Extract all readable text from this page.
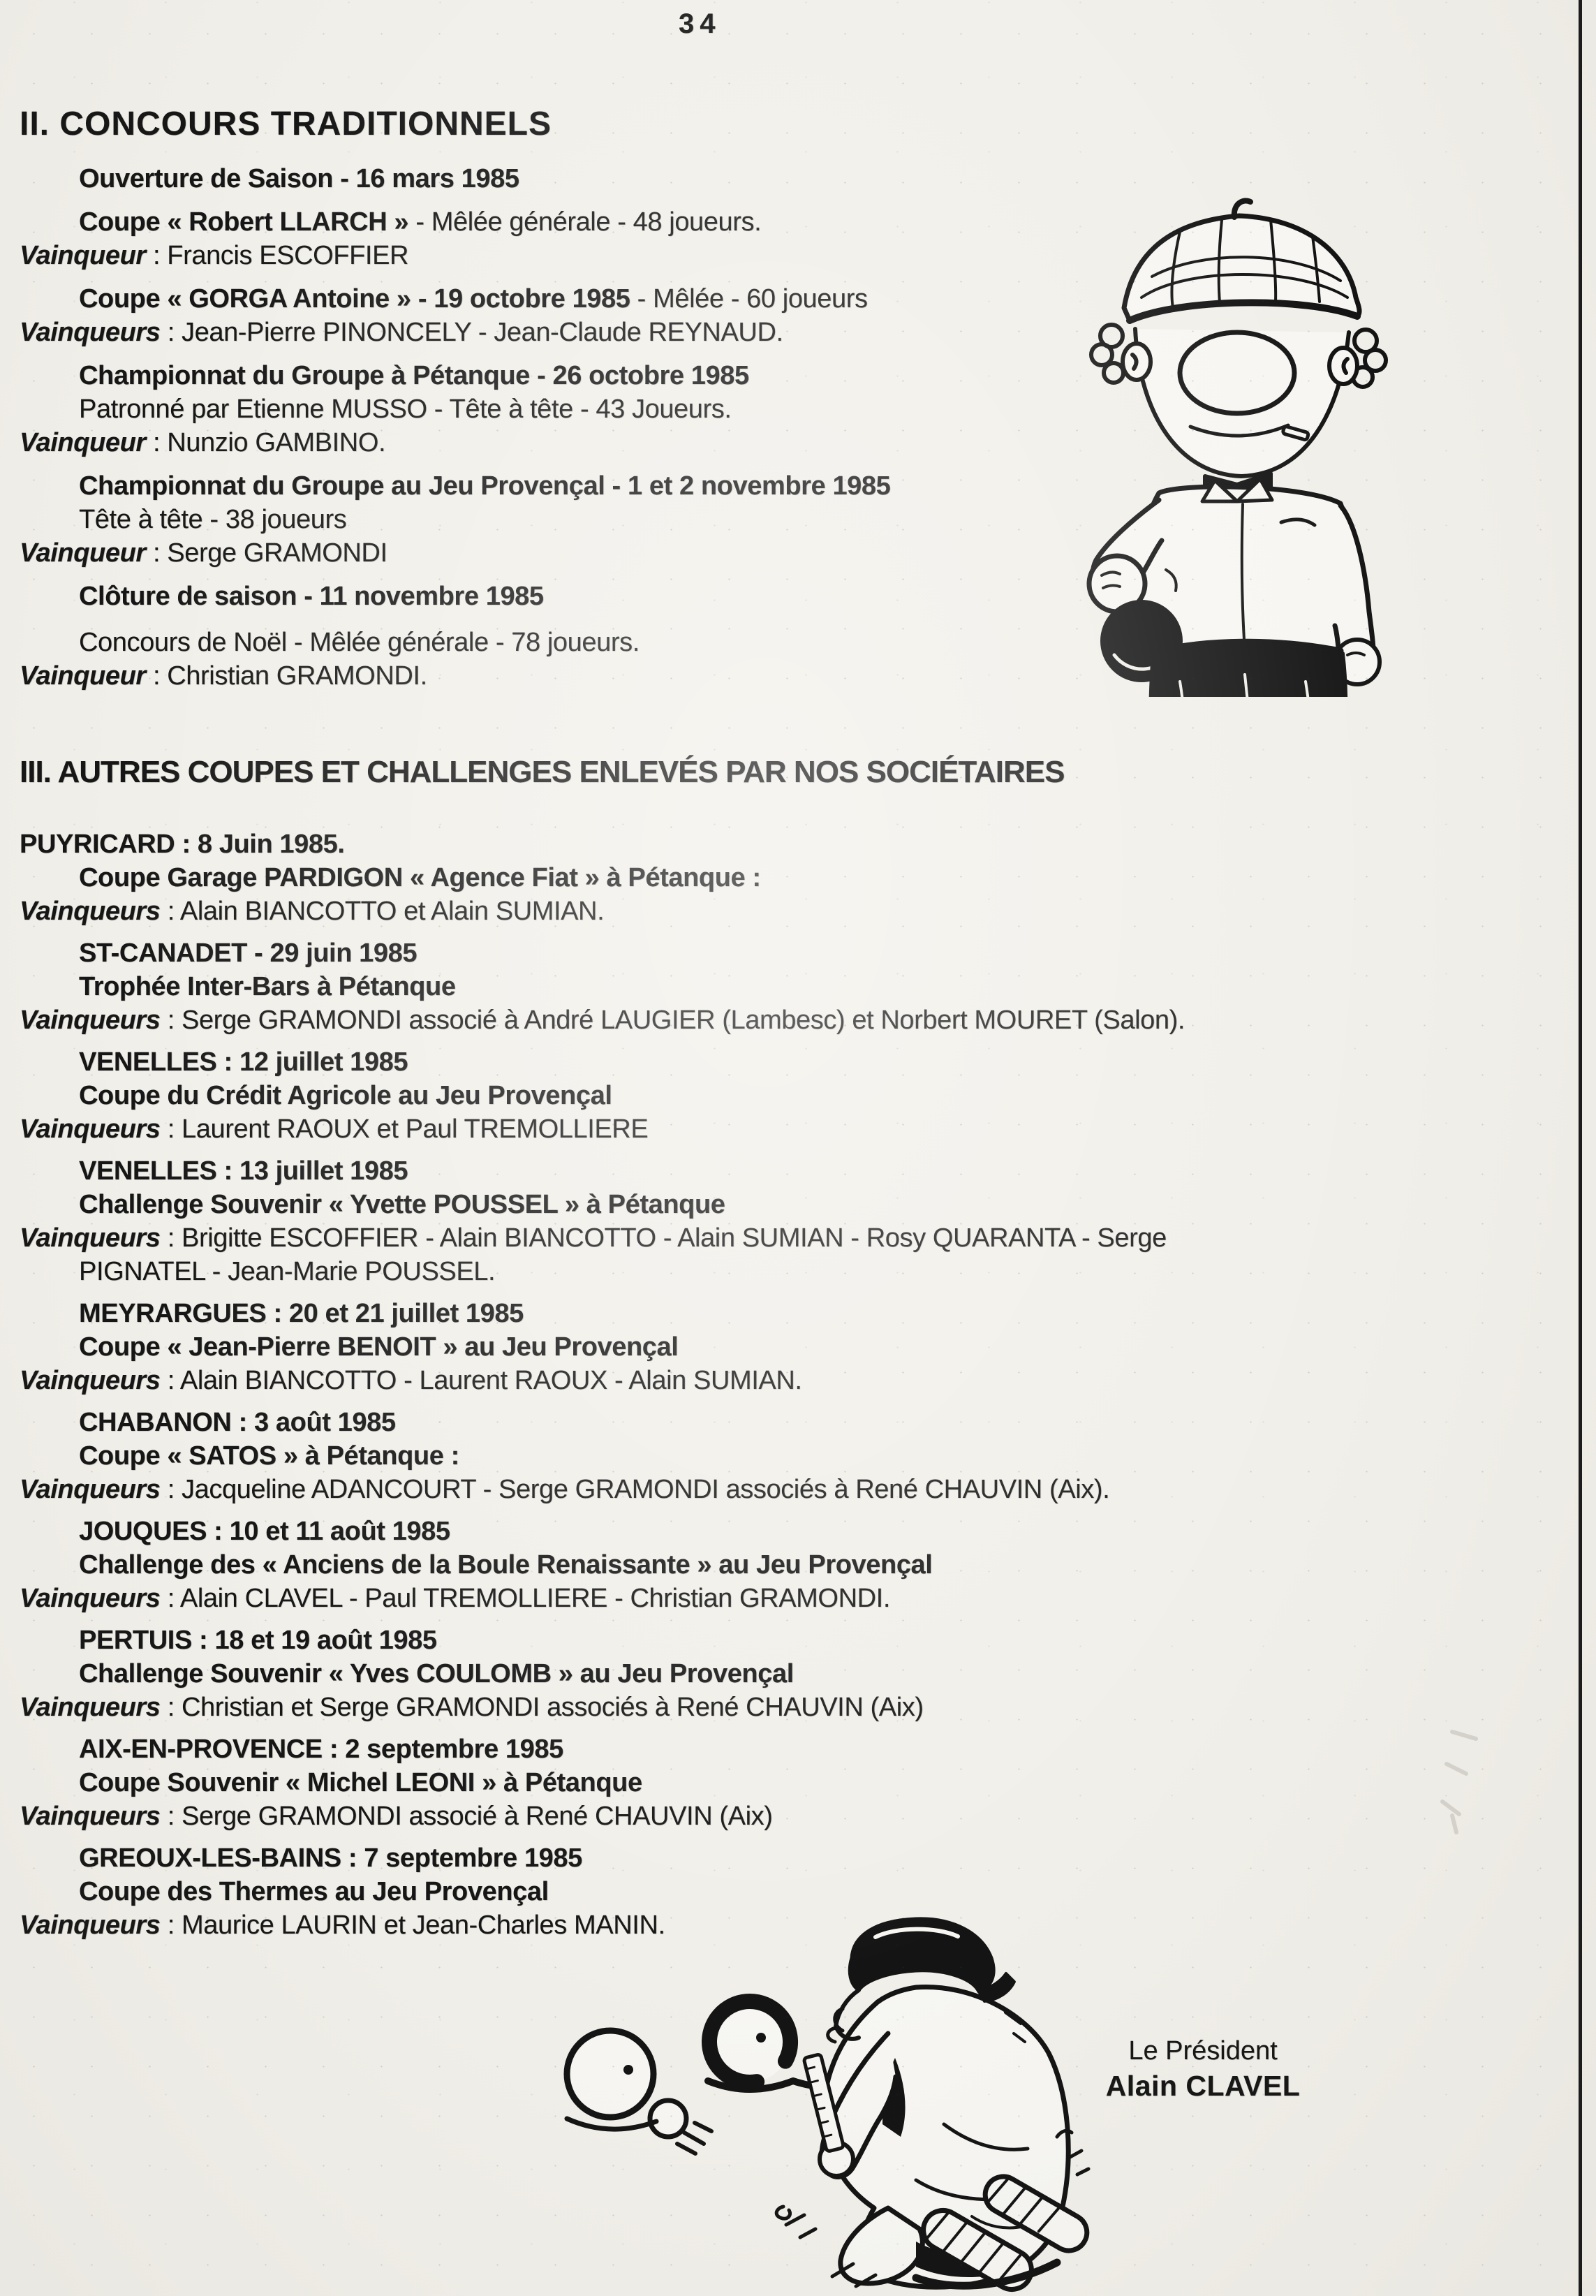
34
II. CONCOURS TRADITIONNELS
Ouverture de Saison - 16 mars 1985
Coupe « Robert LLARCH » - Mêlée générale - 48 joueurs.
Vainqueur : Francis ESCOFFIER
Coupe « GORGA Antoine » - 19 octobre 1985 - Mêlée - 60 joueurs
Vainqueurs : Jean-Pierre PINONCELY - Jean-Claude REYNAUD.
Championnat du Groupe à Pétanque - 26 octobre 1985
Patronné par Etienne MUSSO - Tête à tête - 43 Joueurs.
Vainqueur : Nunzio GAMBINO.
Championnat du Groupe au Jeu Provençal - 1 et 2 novembre 1985
Tête à tête - 38 joueurs
Vainqueur : Serge GRAMONDI
Clôture de saison - 11 novembre 1985
Concours de Noël - Mêlée générale - 78 joueurs.
Vainqueur : Christian GRAMONDI.
III. AUTRES COUPES ET CHALLENGES ENLEVÉS PAR NOS SOCIÉTAIRES
PUYRICARD : 8 Juin 1985.
Coupe Garage PARDIGON « Agence Fiat » à Pétanque :
Vainqueurs : Alain BIANCOTTO et Alain SUMIAN.
ST-CANADET - 29 juin 1985
Trophée Inter-Bars à Pétanque
Vainqueurs : Serge GRAMONDI associé à André LAUGIER (Lambesc) et Norbert MOURET (Salon).
VENELLES : 12 juillet 1985
Coupe du Crédit Agricole au Jeu Provençal
Vainqueurs : Laurent RAOUX et Paul TREMOLLIERE
VENELLES : 13 juillet 1985
Challenge Souvenir « Yvette POUSSEL » à Pétanque
Vainqueurs : Brigitte ESCOFFIER - Alain BIANCOTTO - Alain SUMIAN - Rosy QUARANTA - Serge
PIGNATEL - Jean-Marie POUSSEL.
MEYRARGUES : 20 et 21 juillet 1985
Coupe « Jean-Pierre BENOIT » au Jeu Provençal
Vainqueurs : Alain BIANCOTTO - Laurent RAOUX - Alain SUMIAN.
CHABANON : 3 août 1985
Coupe « SATOS » à Pétanque :
Vainqueurs : Jacqueline ADANCOURT - Serge GRAMONDI associés à René CHAUVIN (Aix).
JOUQUES : 10 et 11 août 1985
Challenge des « Anciens de la Boule Renaissante » au Jeu Provençal
Vainqueurs : Alain CLAVEL - Paul TREMOLLIERE - Christian GRAMONDI.
PERTUIS : 18 et 19 août 1985
Challenge Souvenir « Yves COULOMB » au Jeu Provençal
Vainqueurs : Christian et Serge GRAMONDI associés à René CHAUVIN (Aix)
AIX-EN-PROVENCE : 2 septembre 1985
Coupe Souvenir « Michel LEONI » à Pétanque
Vainqueurs : Serge GRAMONDI associé à René CHAUVIN (Aix)
GREOUX-LES-BAINS : 7 septembre 1985
Coupe des Thermes au Jeu Provençal
Vainqueurs : Maurice LAURIN et Jean-Charles MANIN.
Le Président
Alain CLAVEL
